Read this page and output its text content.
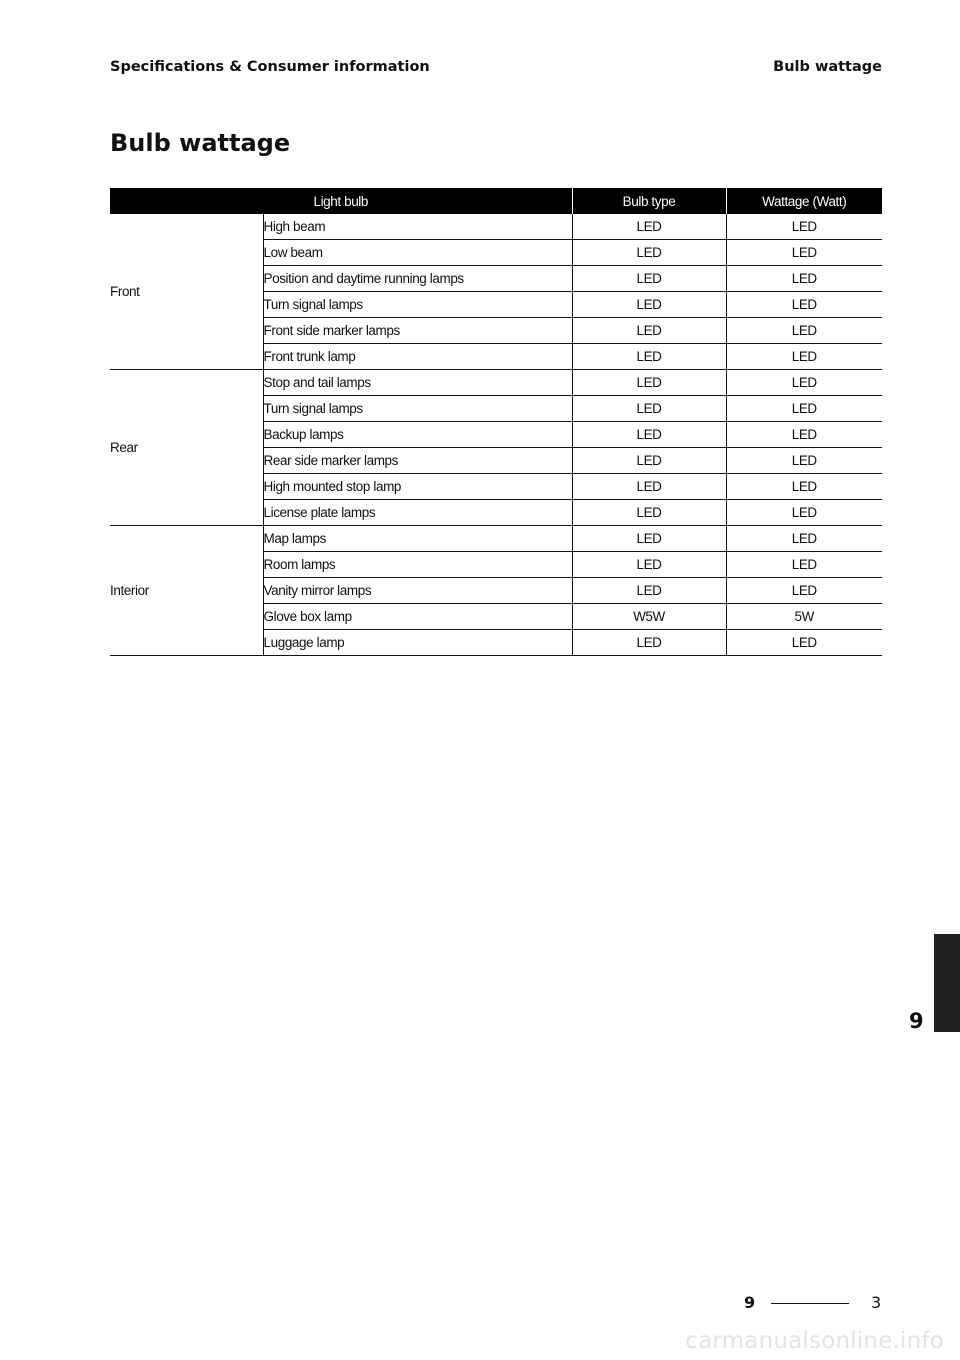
Specifications & Consumer information	Bulb wattage
Bulb wattage
Light bulb		Bulb type	Wattage (Watt)
Front	High beam	LED	LED
	Low beam	LED	LED
	Position and daytime running lamps	LED	LED
	Turn signal lamps	LED	LED
	Front side marker lamps	LED	LED
	Front trunk lamp	LED	LED
Rear	Stop and tail lamps	LED	LED
	Turn signal lamps	LED	LED
	Backup lamps	LED	LED
	Rear side marker lamps	LED	LED
	High mounted stop lamp	LED	LED
	License plate lamps	LED	LED
Interior	Map lamps	LED	LED
	Room lamps	LED	LED
	Vanity mirror lamps	LED	LED
	Glove box lamp	W5W	5W
	Luggage lamp	LED	LED
9
9	3
carmanualsonline.info
